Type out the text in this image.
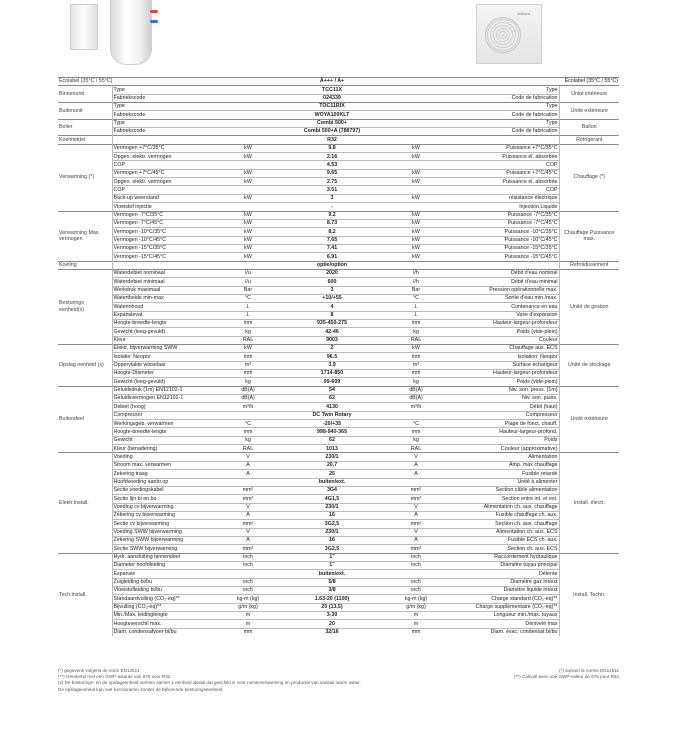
Vaillant
Ecolabel (35°C / 55°C)			A+++ / A+	Ecolabel (35°C / 55°C)		
Binnenunit	Type		TCC11X		Type	Unité intérieure
	Fabriekscode		024339		Code de fabrication	
Buitenunit	Type		TOC11RIX		Type	Unité extérieure
	Fabriekscode		WOYA100KLT		Code de fabrication	
Boiler	Type		Combi 500+		Type	Ballon
	Fabriekscode		Combi 500+A (788797)		Code de fabrication	
Koelmiddel			R32			Réfrigérant
Verwarming (*)	Vermogen +7°C/35°C	kW	9.8	kW	Puissance +7°C/35°C	Chauffage (*)
	Opgen. elektr. vermogen	kW	2.16	kW	Puissance él. absorbée	
	COP		4.53		COP	
	Vermogen +7°C/45°C	kW	9.65	kW	Puissance +7°C/45°C	
	Opgen. elektr. vermogen	kW	2.75	kW	Puissance él. absorbée	
	COP		3.51		COP	
	Back-up weerstand	kW	3	kW	résistance électrique	
	Vloeistof injectie		-		Injection Liquide	
Verwarming Max. vermogen	Vermogen -7°C/35°C	kW	9.2	kW	Puissance -7°C/35°C	Chauffage Puissance max.
	Vermogen -7°C/45°C	kW	8.73	kW	Puissance -7°C/45°C	
	Vermogen -10°C/35°C	kW	8.2	kW	Puissance -10°C/35°C	
	Vermogen -10°C/45°C	kW	7.65	kW	Puissance -10°C/45°C	
	Vermogen -15°C/35°C	kW	7.41	kW	Puissance -15°C/35°C	
	Vermogen -15°C/45°C	kW	6.91	kW	Puissance -15°C/45°C	
Koeling			optie/option			Refroidissement
Besturings eenheid(x)	Waterdebiet nominaal	l/u	2020	l/h	Débit d'eau nominal	Unité de gestion
	Waterdebiet minimaal	l/u	600	l/h	Débit d'eau minimal	
	Werkdruk maximaal	Bar	3	Bar	Pression opérationnelle max.	
	Watertbeide min-max	°C	+10/+55	°C	Sortie d'eau min./max.	
	Waterinhoud	L	4	L	Contenance en eau	
	Expansievat	L	8	L	Vase d'expansion	
	Hoogte-breedte-lengte	mm	935-450-275	mm	Hauteur-largeur-profondeur	
	Gewicht (leeg-gevuld)	kg	42-46	kg	Poids (vide-plein)	
	Kleur	RAL	9003	RAL	Couleur	
Opslag eenheid (x)	Elektr. bijverwarming SWW	kW	2	kW	Chauffage aux. ECS	Unité de stockage
	Isolatie: Neopor	mm	96.5	mm	Isolation: Neopor	
	Oppervlakte wisselaar	m²	3.9	m²	Surface échangeur	
	Hoogte-Diameter	mm	1714-850	mm	Hauteur-largeur-profondeur	
	Gewicht (leeg-gevuld)	kg	99-609	kg	Poids (vide-plein)	
Buitendeel	Geluidsdruk (1m) EN12102-1	dB(A)	54	dB(A)	Niv. son. press. (1m)	Unité extérieure
	Geluidsvermogen EN12102-1	dB(A)	62	dB(A)	Niv. son. puiss.	
	Debiet (hoog)	m³/h	4130	m³/h	Débit (haut)	
	Compressor		DC Twin Rotary		Compresseur	
	Werkingsgeb. verwarmen	°C	-20/+35	°C	Plage de fonct. chauff.	
	Hoogte-breedte-lengte	mm	998-940-365	mm	Hauteur-largeur-profond.	
	Gewicht	kg	62	kg	Poids	
	Kleur (benadering)	RAL	1013	RAL	Couleur (approximative)	
Elektr.install.	Voeding	V	230/1	V	Alimentation	Install. électr.
	Stroom max. verwarmen	A	20.7	A	Amp. max chauffage	
	Zekering traag	A	25	A	Fusible retardé	
	Hoofdvoeding aanbr.op		buiten/ext.		Unité à alimenter	
	Sectie voedingskabel	mm²	3G4	mm²	Section câble alimentation	
	Sectie lijn bi en bu	mm²	4G1,5	mm²	Section entre int. et ext.	
	Voeding cv bijverwarming	V	230/1	V	Alimentation ch. aux. chauffage	
	Zekering cv bijverwarming	A	16	A	Fusible chauffage ch. aux.	
	Sectie cv bijverwarming	mm²	3G2,5	mm²	Section ch. aux. chauffage	
	Voeding SWW bijverwarming	V	230/1	V	Alimentation ch. aux. ECS	
	Zekering SWW bijverwarming	A	16	A	Fusible ECS ch. aux.	
	Sectie SWW bijverwarming	mm²	3G2,5	mm²	Section ch. aux. ECS	
Tech.install.	Hydr. aansluiting binnendeel	inch	1"	inch	Raccordement hydraulique	Install. Techn.
	Diameter hoofdleiding	inch	1"	inch	Diamètre tuyau principal	
	Expansie		buiten/ext.		Détente	
	Zuigleiding bi/bu	inch	5/8	inch	Diamètre gaz int/ext	
	Vloeistofleiding bi/bu	inch	3/8	inch	Diamètre liquide int/ext	
	Standaardvulling (CO₂-eq)**	kg-m (kg)	1.63-20 (1100)	kg-m (kg)	Charge standard (CO₂-eq)**	
	Bijvulling (CO₂-eq)**	g/m (kg)	20 (13,5)	g/m (kg)	Charge supplémentaire (CO₂-eq)**	
	Min./Max. leidinglengte	m	3-30	m	Longueur min./max. tuyaux	
	Hoogteverschil max.	m	20	m	Dénivelé max	
	Diam. condensafvoer bi/bu	mm	32/16	mm	Diam. évac. condensat bi/bu	
(*) gegevens volgens de norm EN14511	(*) suivant la norme EN14511
(**) Gerekend met een GWP-waarde van 675 voor R32	(**) Calculé avec une GWP-valeur de 675 pour R32
(x) De besturings- en de opslageenheid vormen samen 1 eenheid ideaal dat geschikt is voor ruimteverwarming en productie van sanitair warm water.
De opslageenheid kan niet functioneren zonder de bijhorende besturingseenheid.
